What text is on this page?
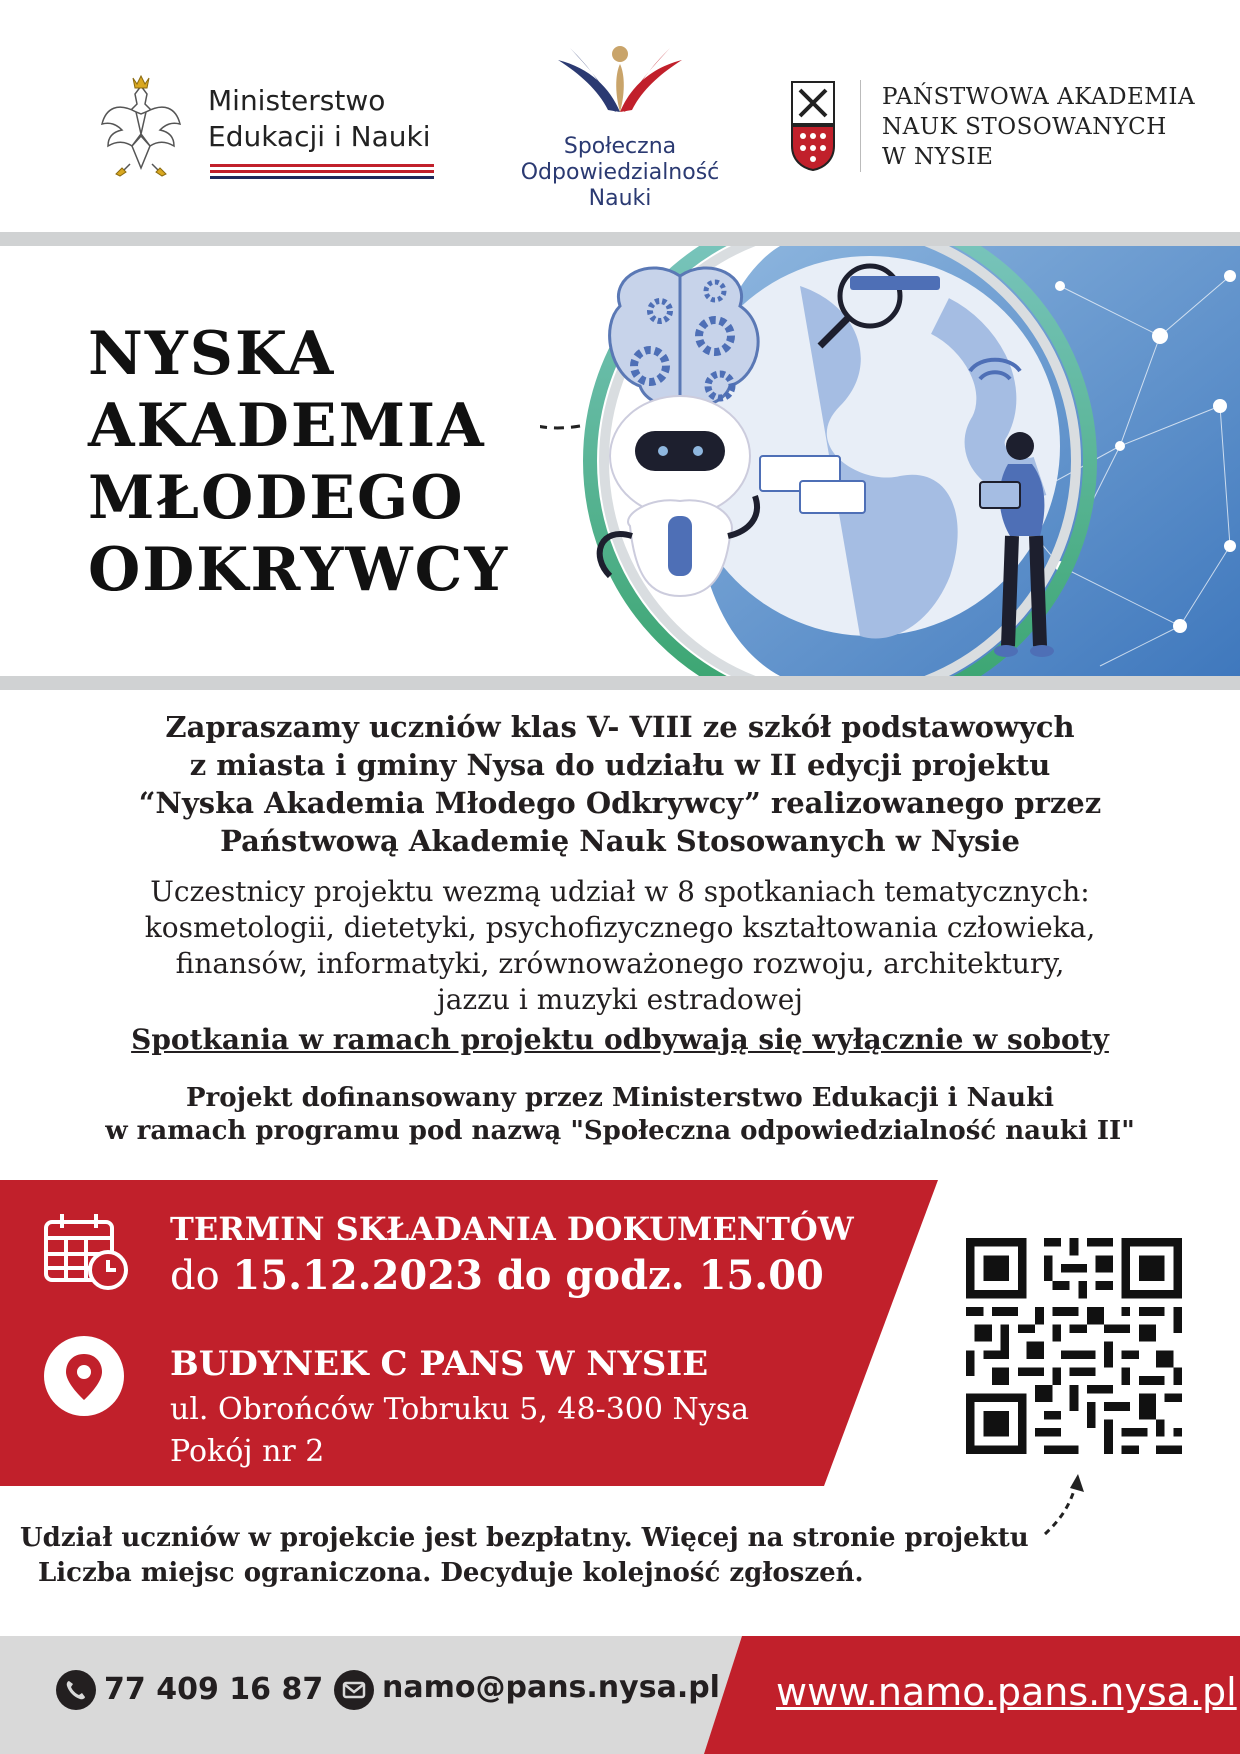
Ministerstwo
Edukacji i Nauki	Społeczna
Odpowiedzialność
Nauki
PAŃSTWOWA AKADEMIA
NAUK STOSOWANYCH
W NYSIE
NYSKA
AKADEMIA
MŁODEGO
ODKRYWCY
Zapraszamy uczniów klas V- VIII ze szkół podstawowych
z miasta i gminy Nysa do udziału w II edycji projektu
“Nyska Akademia Młodego Odkrywcy” realizowanego przez
Państwową Akademię Nauk Stosowanych w Nysie
Uczestnicy projektu wezmą udział w 8 spotkaniach tematycznych:
kosmetologii, dietetyki, psychofizycznego kształtowania człowieka,
finansów, informatyki, zrównoważonego rozwoju, architektury,
jazzu i muzyki estradowej
Spotkania w ramach projektu odbywają się wyłącznie w soboty
Projekt dofinansowany przez Ministerstwo Edukacji i Nauki
w ramach programu pod nazwą "Społeczna odpowiedzialność nauki II"
TERMIN SKŁADANIA DOKUMENTÓW
do 15.12.2023 do godz. 15.00
BUDYNEK C PANS W NYSIE
ul. Obrońców Tobruku 5, 48-300 Nysa
Pokój nr 2
Udział uczniów w projekcie jest bezpłatny. Więcej na stronie projektu
Liczba miejsc ograniczona. Decyduje kolejność zgłoszeń.
77 409 16 87 namo@pans.nysa.pl www.namo.pans.nysa.pl
